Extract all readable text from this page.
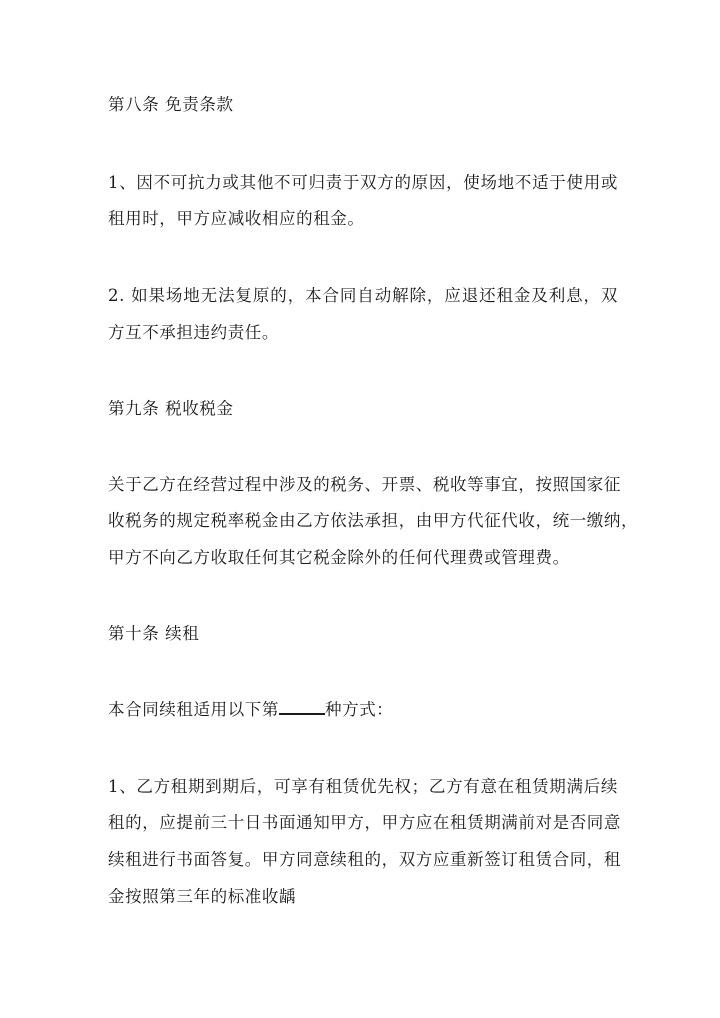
第八条 免责条款
1、因不可抗力或其他不可归责于双方的原因，使场地不适于使用或
租用时，甲方应减收相应的租金。
2. 如果场地无法复原的，本合同自动解除，应退还租金及利息，双
方互不承担违约责任。
第九条 税收税金
关于乙方在经营过程中涉及的税务、开票、税收等事宜，按照国家征
收税务的规定税率税金由乙方依法承担，由甲方代征代收，统一缴纳，
甲方不向乙方收取任何其它税金除外的任何代理费或管理费。
第十条 续租
本合同续租适用以下第	种方式：
1、乙方租期到期后，可享有租赁优先权；乙方有意在租赁期满后续
租的，应提前三十日书面通知甲方，甲方应在租赁期满前对是否同意
续租进行书面答复。甲方同意续租的，双方应重新签订租赁合同，租
金按照第三年的标准收龋
